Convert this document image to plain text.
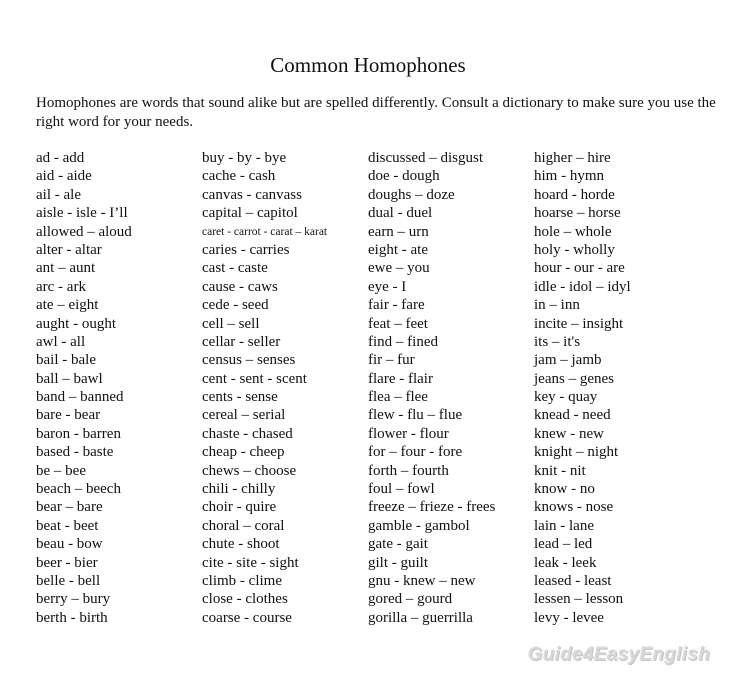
Common Homophones
Homophones are words that sound alike but are spelled differently. Consult a dictionary to make sure you use the right word for your needs.
ad - add
aid - aide
ail - ale
aisle - isle - I’ll
allowed – aloud
alter - altar
ant – aunt
arc - ark
ate – eight
aught - ought
awl - all
bail - bale
ball – bawl
band – banned
bare - bear
baron - barren
based - baste
be – bee
beach – beech
bear – bare
beat - beet
beau - bow
beer - bier
belle - bell
berry – bury
berth - birth
buy - by - bye
cache - cash
canvas - canvass
capital – capitol
caret - carrot - carat – karat
caries - carries
cast - caste
cause - caws
cede - seed
cell – sell
cellar - seller
census – senses
cent - sent - scent
cents - sense
cereal – serial
chaste - chased
cheap - cheep
chews – choose
chili - chilly
choir - quire
choral – coral
chute - shoot
cite - site - sight
climb - clime
close - clothes
coarse - course
discussed – disgust
doe - dough
doughs – doze
dual - duel
earn – urn
eight - ate
ewe – you
eye - I
fair - fare
feat – feet
find – fined
fir – fur
flare - flair
flea – flee
flew - flu – flue
flower - flour
for – four - fore
forth – fourth
foul – fowl
freeze – frieze - frees
gamble - gambol
gate - gait
gilt - guilt
gnu - knew – new
gored – gourd
gorilla – guerrilla
higher – hire
him - hymn
hoard - horde
hoarse – horse
hole – whole
holy - wholly
hour - our - are
idle - idol – idyl
in – inn
incite – insight
its – it's
jam – jamb
jeans – genes
key - quay
knead - need
knew - new
knight – night
knit - nit
know - no
knows - nose
lain - lane
lead – led
leak - leek
leased - least
lessen – lesson
levy - levee
Guide4EasyEnglish
